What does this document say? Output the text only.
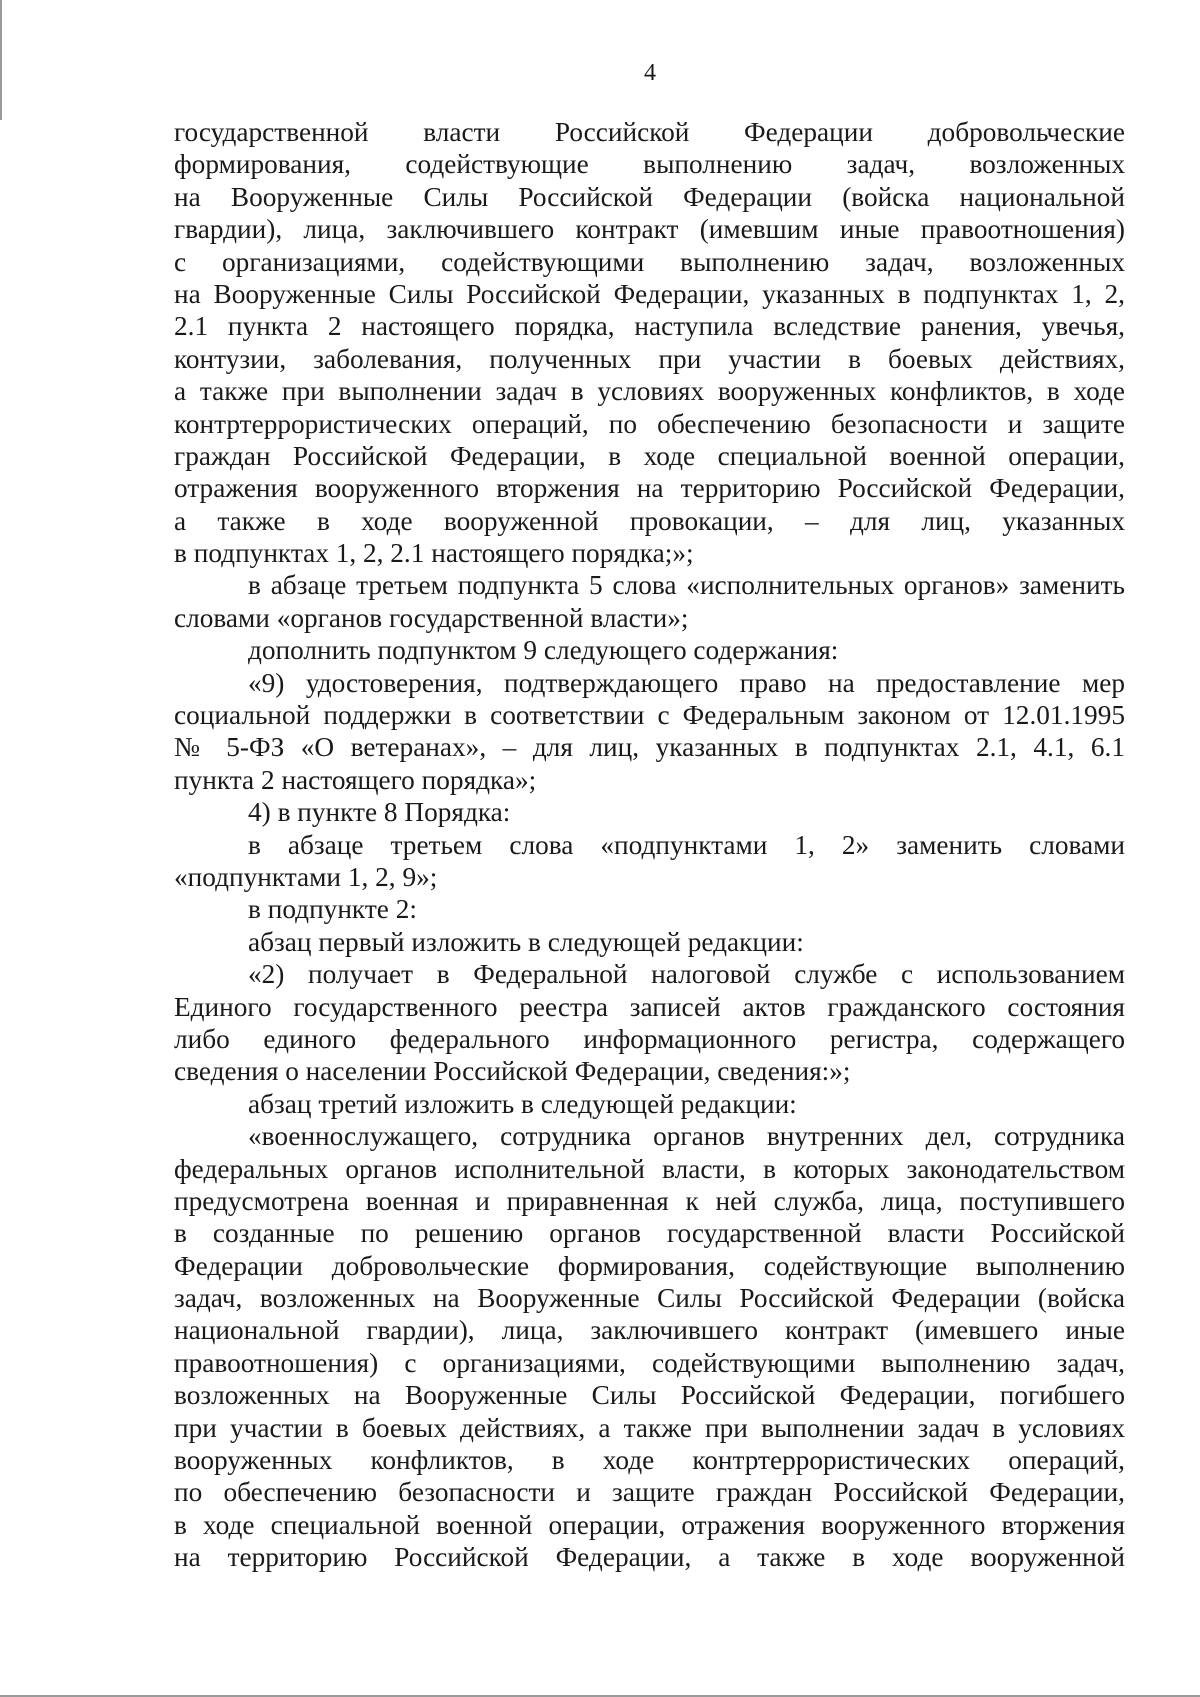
4
государственной власти Российской Федерации добровольческие
формирования, содействующие выполнению задач, возложенных
на Вооруженные Силы Российской Федерации (войска национальной
гвардии), лица, заключившего контракт (имевшим иные правоотношения)
с организациями, содействующими выполнению задач, возложенных
на Вооруженные Силы Российской Федерации, указанных в подпунктах 1, 2,
2.1 пункта 2 настоящего порядка, наступила вследствие ранения, увечья,
контузии, заболевания, полученных при участии в боевых действиях,
а также при выполнении задач в условиях вооруженных конфликтов, в ходе
контртеррористических операций, по обеспечению безопасности и защите
граждан Российской Федерации, в ходе специальной военной операции,
отражения вооруженного вторжения на территорию Российской Федерации,
а также в ходе вооруженной провокации, – для лиц, указанных
в подпунктах 1, 2, 2.1 настоящего порядка;»;
в абзаце третьем подпункта 5 слова «исполнительных органов» заменить
словами «органов государственной власти»;
дополнить подпунктом 9 следующего содержания:
«9) удостоверения, подтверждающего право на предоставление мер
социальной поддержки в соответствии с Федеральным законом от 12.01.1995
№ 5-ФЗ «О ветеранах», – для лиц, указанных в подпунктах 2.1, 4.1, 6.1
пункта 2 настоящего порядка»;
4) в пункте 8 Порядка:
в абзаце третьем слова «подпунктами 1, 2» заменить словами
«подпунктами 1, 2, 9»;
в подпункте 2:
абзац первый изложить в следующей редакции:
«2) получает в Федеральной налоговой службе с использованием
Единого государственного реестра записей актов гражданского состояния
либо единого федерального информационного регистра, содержащего
сведения о населении Российской Федерации, сведения:»;
абзац третий изложить в следующей редакции:
«военнослужащего, сотрудника органов внутренних дел, сотрудника
федеральных органов исполнительной власти, в которых законодательством
предусмотрена военная и приравненная к ней служба, лица, поступившего
в созданные по решению органов государственной власти Российской
Федерации добровольческие формирования, содействующие выполнению
задач, возложенных на Вооруженные Силы Российской Федерации (войска
национальной гвардии), лица, заключившего контракт (имевшего иные
правоотношения) с организациями, содействующими выполнению задач,
возложенных на Вооруженные Силы Российской Федерации, погибшего
при участии в боевых действиях, а также при выполнении задач в условиях
вооруженных конфликтов, в ходе контртеррористических операций,
по обеспечению безопасности и защите граждан Российской Федерации,
в ходе специальной военной операции, отражения вооруженного вторжения
на территорию Российской Федерации, а также в ходе вооруженной
